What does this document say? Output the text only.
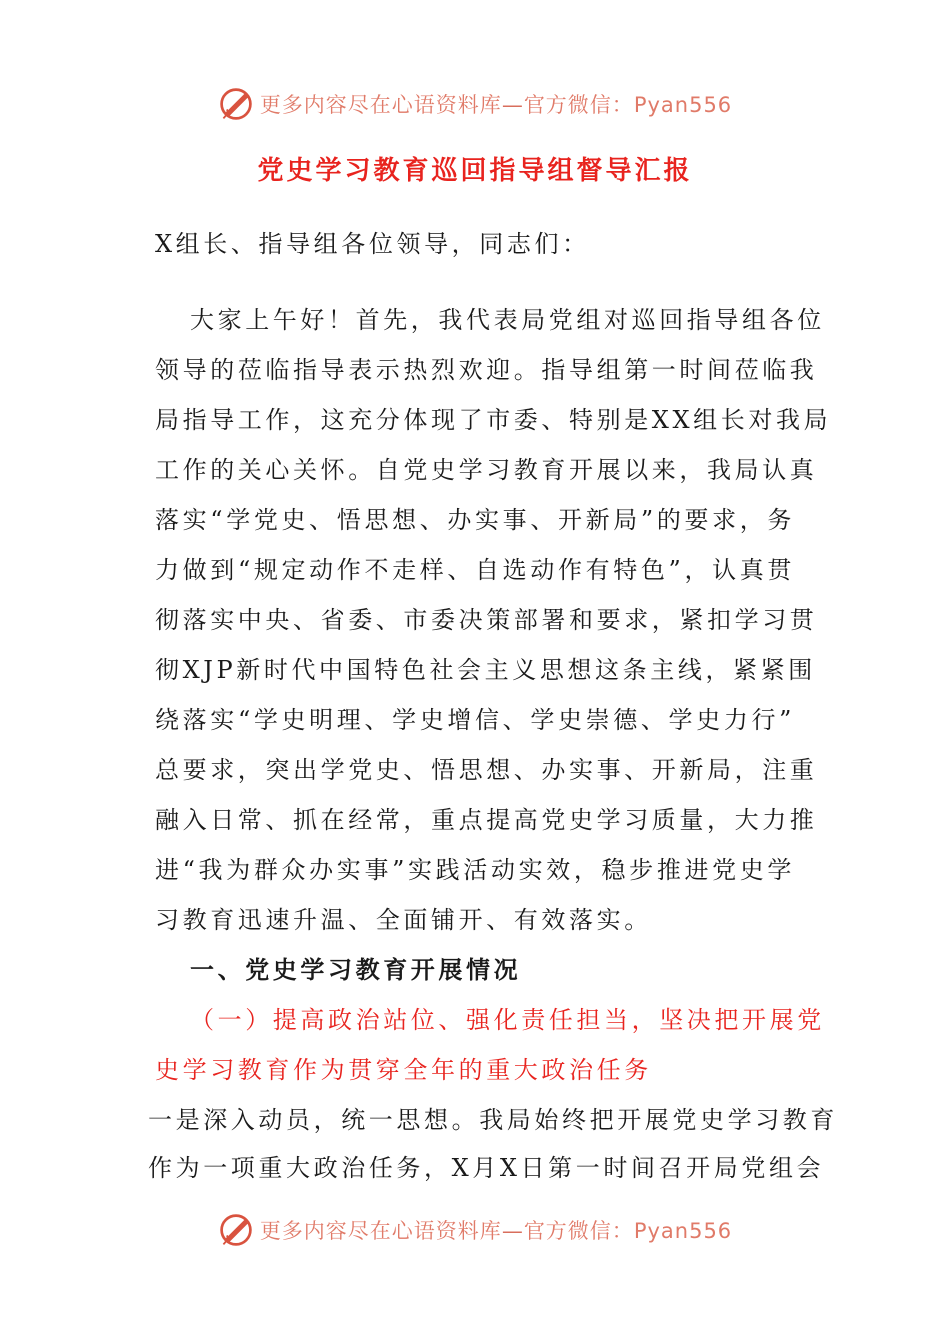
更多内容尽在心语资料库—官方微信：Pyan556
党史学习教育巡回指导组督导汇报
X组长、指导组各位领导，同志们：
大家上午好！首先，我代表局党组对巡回指导组各位
领导的莅临指导表示热烈欢迎。指导组第一时间莅临我
局指导工作，这充分体现了市委、特别是XX组长对我局
工作的关心关怀。自党史学习教育开展以来，我局认真
落实“学党史、悟思想、办实事、开新局”的要求，务
力做到“规定动作不走样、自选动作有特色”，认真贯
彻落实中央、省委、市委决策部署和要求，紧扣学习贯
彻XJP新时代中国特色社会主义思想这条主线，紧紧围
绕落实“学史明理、学史增信、学史崇德、学史力行”
总要求，突出学党史、悟思想、办实事、开新局，注重
融入日常、抓在经常，重点提高党史学习质量，大力推
进“我为群众办实事”实践活动实效，稳步推进党史学
习教育迅速升温、全面铺开、有效落实。
一、党史学习教育开展情况
（一）提高政治站位、强化责任担当，坚决把开展党
史学习教育作为贯穿全年的重大政治任务
一是深入动员，统一思想。我局始终把开展党史学习教育
作为一项重大政治任务，X月X日第一时间召开局党组会
更多内容尽在心语资料库—官方微信：Pyan556
